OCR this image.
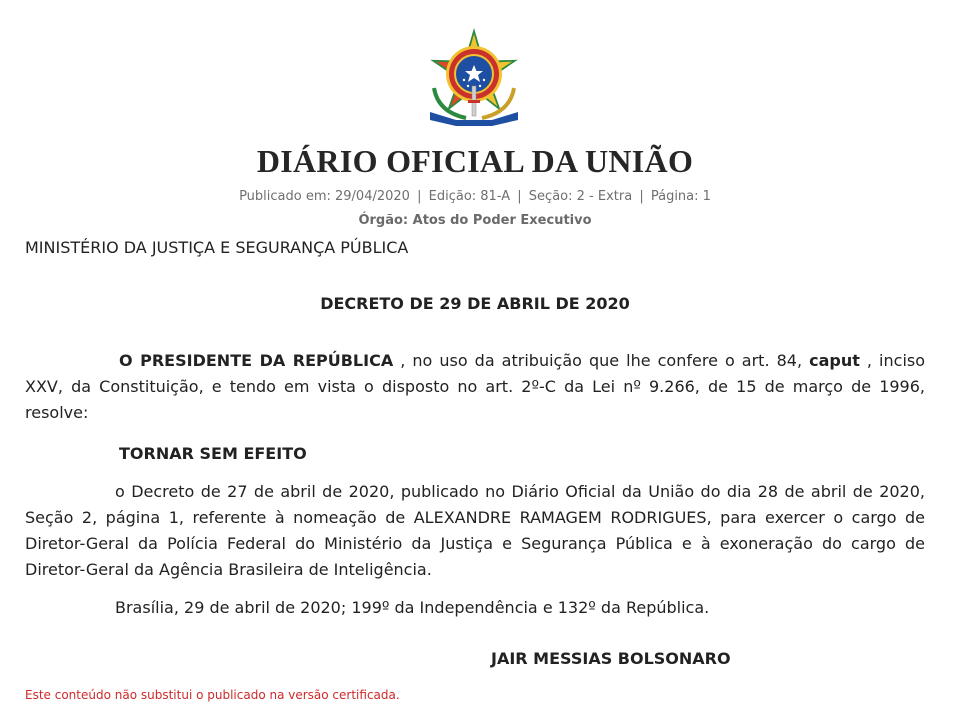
DIÁRIO OFICIAL DA UNIÃO
Publicado em: 29/04/2020 | Edição: 81-A | Seção: 2 - Extra | Página: 1
Órgão: Atos do Poder Executivo
MINISTÉRIO DA JUSTIÇA E SEGURANÇA PÚBLICA
DECRETO DE 29 DE ABRIL DE 2020
O PRESIDENTE DA REPÚBLICA , no uso da atribuição que lhe confere o art. 84, caput , inciso XXV, da Constituição, e tendo em vista o disposto no art. 2º-C da Lei nº 9.266, de 15 de março de 1996, resolve:
TORNAR SEM EFEITO
o Decreto de 27 de abril de 2020, publicado no Diário Oficial da União do dia 28 de abril de 2020, Seção 2, página 1, referente à nomeação de ALEXANDRE RAMAGEM RODRIGUES, para exercer o cargo de Diretor-Geral da Polícia Federal do Ministério da Justiça e Segurança Pública e à exoneração do cargo de Diretor-Geral da Agência Brasileira de Inteligência.
Brasília, 29 de abril de 2020; 199º da Independência e 132º da República.
JAIR MESSIAS BOLSONARO
Este conteúdo não substitui o publicado na versão certificada.
